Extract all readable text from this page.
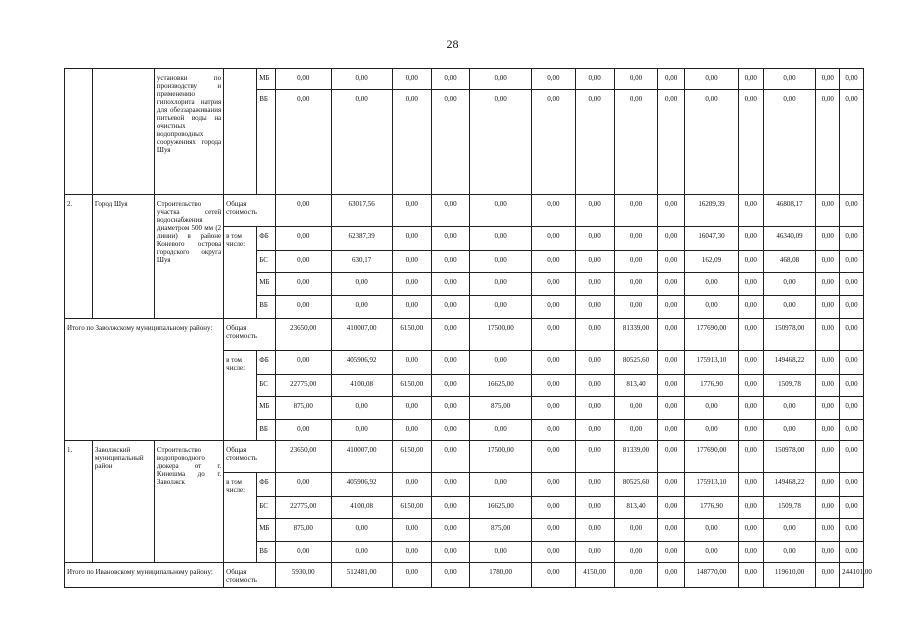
28
		установки по производству и применению гипохлорита натрия для обеззараживания питьевой воды на очистных водопроводных сооружениях города Шуя		МБ	0,00	0,00	0,00	0,00	0,00	0,00	0,00	0,00	0,00	0,00	0,00	0,00	0,00	0,00
				ВБ	0,00	0,00	0,00	0,00	0,00	0,00	0,00	0,00	0,00	0,00	0,00	0,00	0,00	0,00
2.	Город Шуя	Строительство участка сетей водоснабжения диаметром 500 мм (2 линии) в районе Коневого острова городского округа Шуя	Общая стоимость		0,00	63017,56	0,00	0,00	0,00	0,00	0,00	0,00	0,00	16209,39	0,00	46808,17	0,00	0,00
			в том числе:	ФБ	0,00	62387,39	0,00	0,00	0,00	0,00	0,00	0,00	0,00	16047,30	0,00	46340,09	0,00	0,00
				БС	0,00	630,17	0,00	0,00	0,00	0,00	0,00	0,00	0,00	162,09	0,00	468,08	0,00	0,00
				МБ	0,00	0,00	0,00	0,00	0,00	0,00	0,00	0,00	0,00	0,00	0,00	0,00	0,00	0,00
				ВБ	0,00	0,00	0,00	0,00	0,00	0,00	0,00	0,00	0,00	0,00	0,00	0,00	0,00	0,00
Итого по Заволжскому муниципальному району:			Общая стоимость		23650,00	410007,00	6150,00	0,00	17500,00	0,00	0,00	81339,00	0,00	177690,00	0,00	150978,00	0,00	0,00
			в том числе:	ФБ	0,00	405906,92	0,00	0,00	0,00	0,00	0,00	80525,60	0,00	175913,10	0,00	149468,22	0,00	0,00
				БС	22775,00	4100,08	6150,00	0,00	16625,00	0,00	0,00	813,40	0,00	1776,90	0,00	1509,78	0,00	0,00
				МБ	875,00	0,00	0,00	0,00	875,00	0,00	0,00	0,00	0,00	0,00	0,00	0,00	0,00	0,00
				ВБ	0,00	0,00	0,00	0,00	0,00	0,00	0,00	0,00	0,00	0,00	0,00	0,00	0,00	0,00
1.	Заволжский муниципальный район	Строительство водопроводного дюкера от г. Кинешма до г. Заволжск	Общая стоимость		23650,00	410007,00	6150,00	0,00	17500,00	0,00	0,00	81339,00	0,00	177690,00	0,00	150978,00	0,00	0,00
			в том числе:	ФБ	0,00	405906,92	0,00	0,00	0,00	0,00	0,00	80525,60	0,00	175913,10	0,00	149468,22	0,00	0,00
				БС	22775,00	4100,08	6150,00	0,00	16625,00	0,00	0,00	813,40	0,00	1776,90	0,00	1509,78	0,00	0,00
				МБ	875,00	0,00	0,00	0,00	875,00	0,00	0,00	0,00	0,00	0,00	0,00	0,00	0,00	0,00
				ВБ	0,00	0,00	0,00	0,00	0,00	0,00	0,00	0,00	0,00	0,00	0,00	0,00	0,00	0,00
Итого по Ивановскому муниципальному району:			Общая стоимость		5930,00	512481,00	0,00	0,00	1780,00	0,00	4150,00	0,00	0,00	148770,00	0,00	119610,00	0,00	244101,00
